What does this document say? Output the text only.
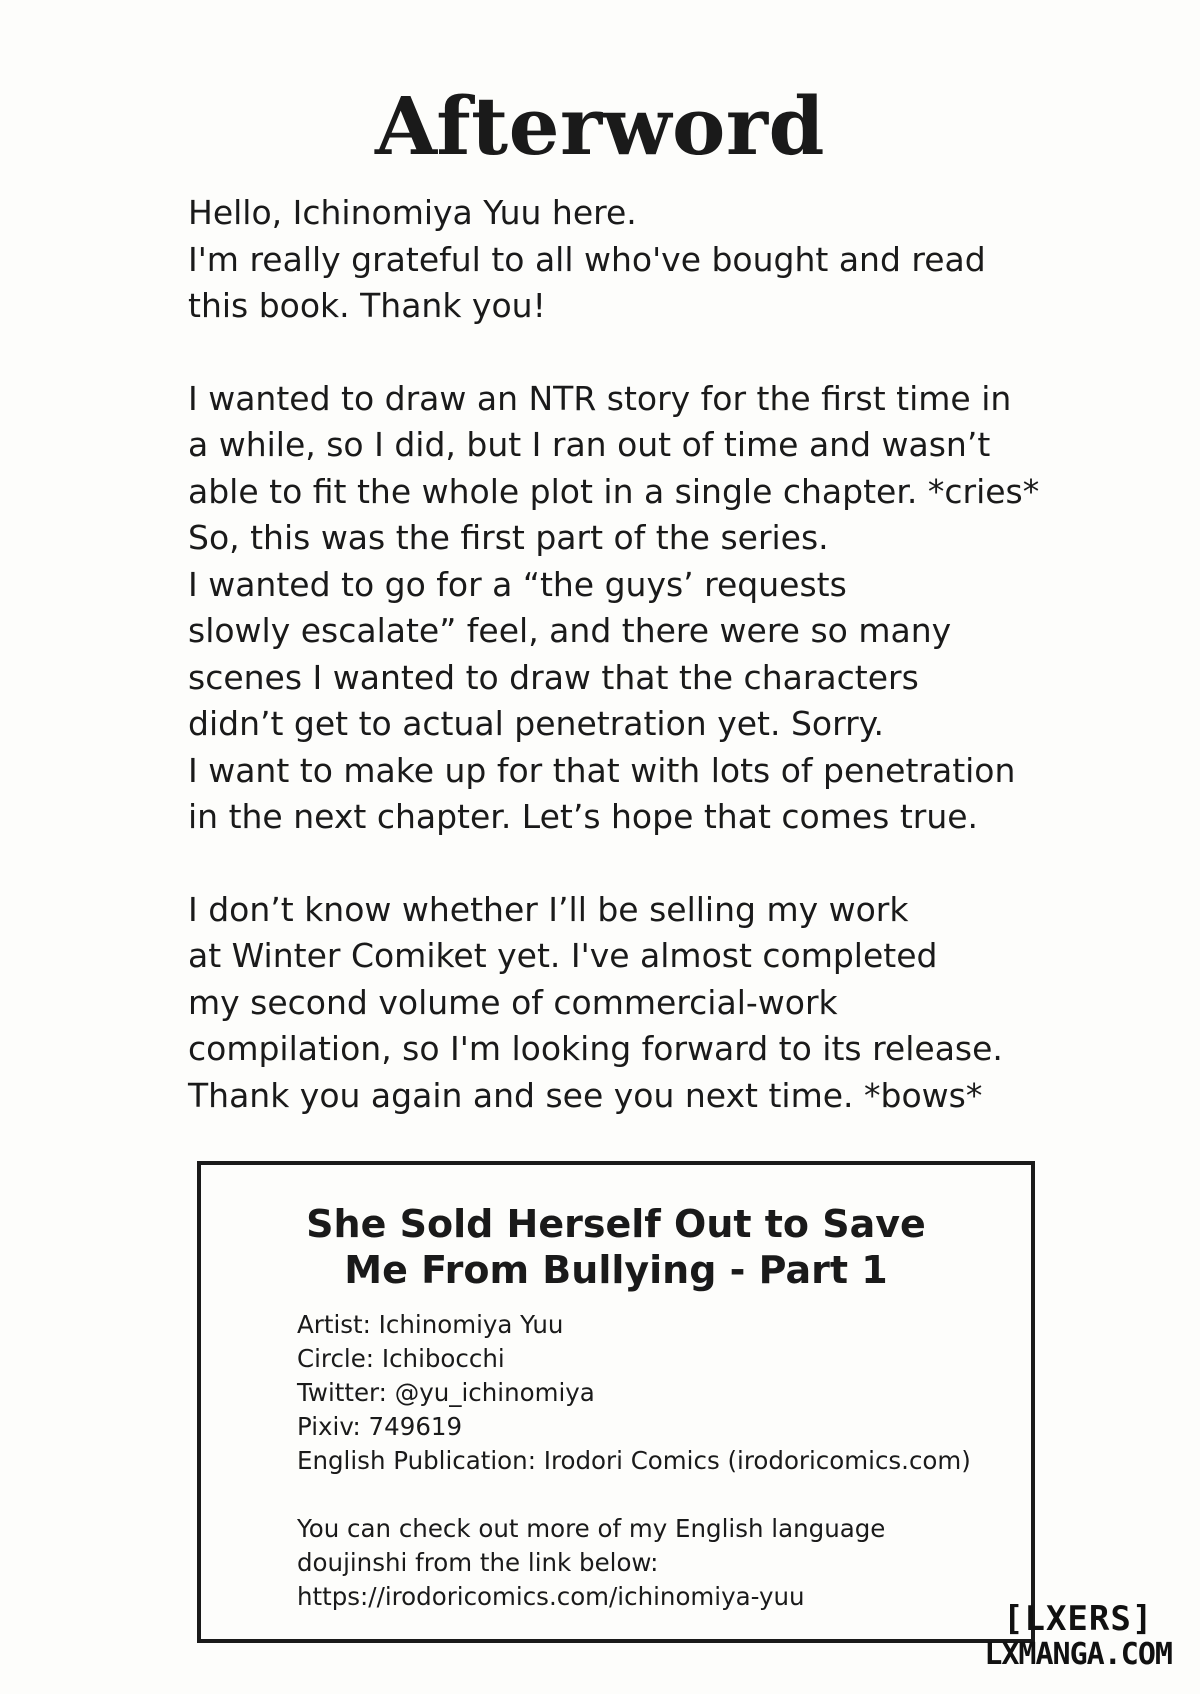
Afterword

Hello, Ichinomiya Yuu here.
I'm really grateful to all who've bought and read
this book. Thank you!

I wanted to draw an NTR story for the first time in
a while, so I did, but I ran out of time and wasn’t
able to fit the whole plot in a single chapter. *cries*
So, this was the first part of the series.
I wanted to go for a “the guys’ requests
slowly escalate” feel, and there were so many
scenes I wanted to draw that the characters
didn’t get to actual penetration yet. Sorry.
I want to make up for that with lots of penetration
in the next chapter. Let’s hope that comes true.

I don’t know whether I’ll be selling my work
at Winter Comiket yet. I've almost completed
my second volume of commercial-work
compilation, so I'm looking forward to its release.
Thank you again and see you next time. *bows*

She Sold Herself Out to Save
Me From Bullying - Part 1
Artist: Ichinomiya Yuu
Circle: Ichibocchi
Twitter: @yu_ichinomiya
Pixiv: 749619
English Publication: Irodori Comics (irodoricomics.com)
You can check out more of my English language
doujinshi from the link below:
https://irodoricomics.com/ichinomiya-yuu
[LXERS]
LXMANGA.COM
